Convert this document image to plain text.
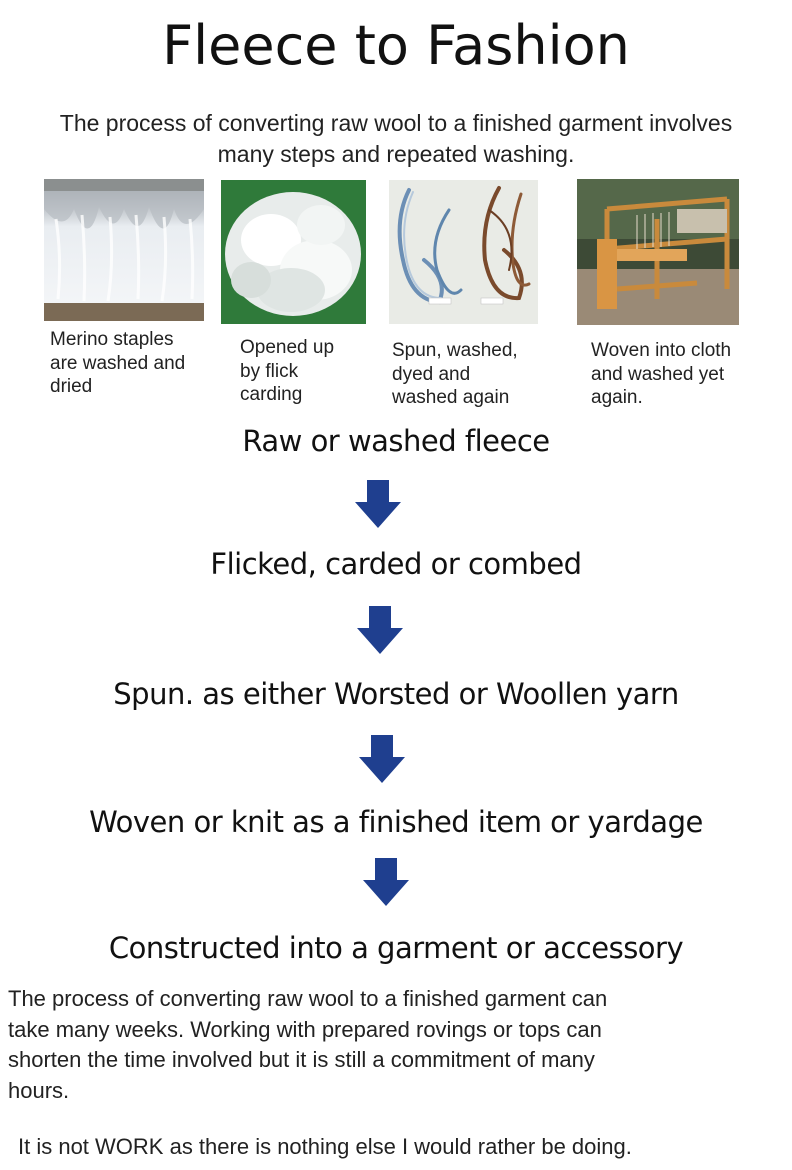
Fleece to Fashion
The process of converting raw wool to a finished garment involves
many steps and repeated washing.
Merino staples
are washed and
dried
Opened up
by flick
carding
Spun, washed,
dyed and
washed again
Woven into cloth
and washed yet
again.
Raw or washed fleece
Flicked, carded or combed
Spun. as either Worsted or Woollen yarn
Woven or knit as a finished item or yardage
Constructed into a garment or accessory
The process of converting raw wool to a finished garment can
take many weeks. Working with prepared rovings or tops can
shorten the time involved but it is still a commitment of many
hours.
It is not WORK as there is nothing else I would rather be doing.
